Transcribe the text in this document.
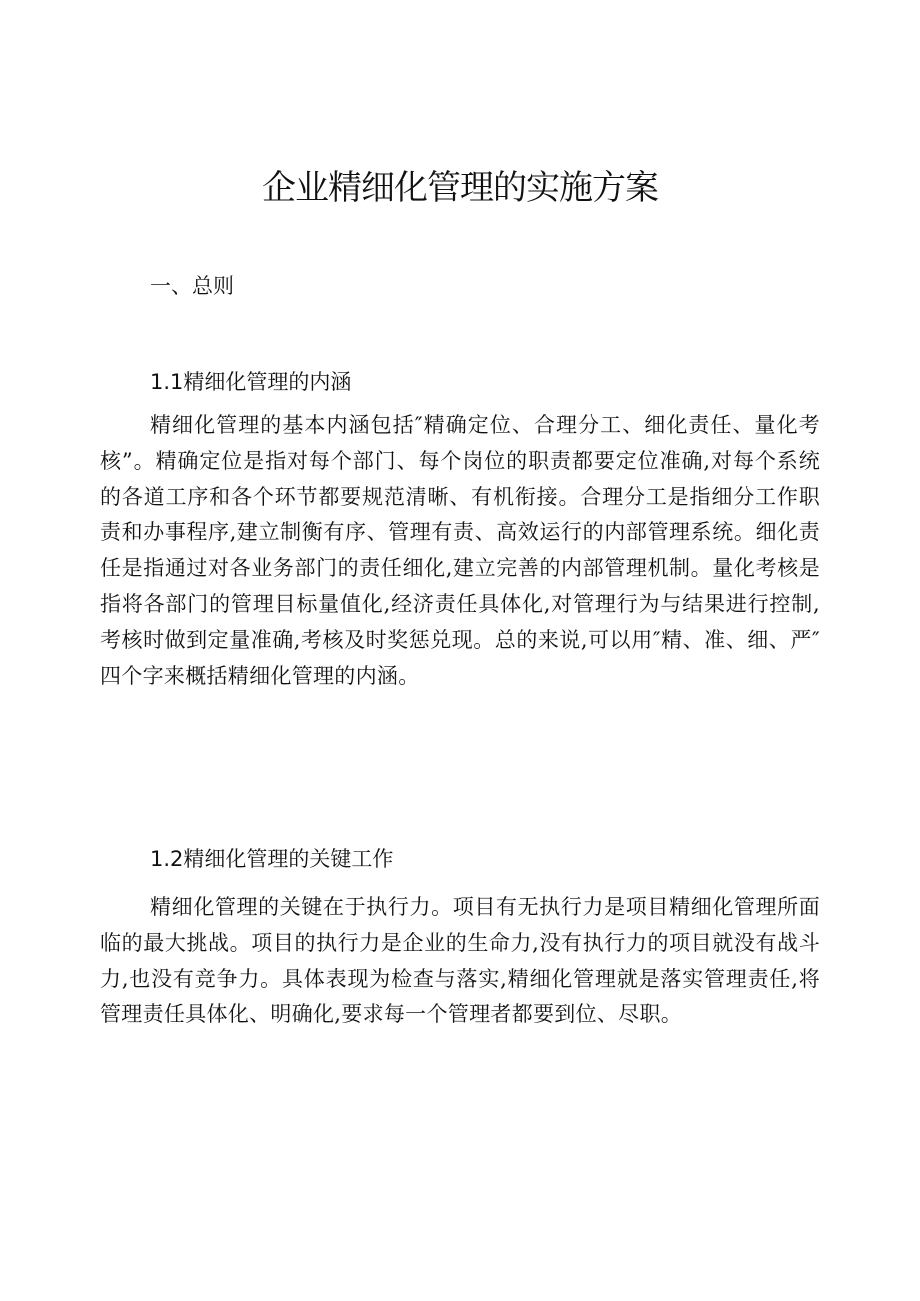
企业精细化管理的实施方案
一、总则
1.1精细化管理的内涵

精细化管理的基本内涵包括″精确定位、合理分工、细化责任、量化考核”。精确定位是指对每个部门、每个岗位的职责都要定位准确,对每个系统的各道工序和各个环节都要规范清晰、有机衔接。合理分工是指细分工作职责和办事程序,建立制衡有序、管理有责、高效运行的内部管理系统。细化责任是指通过对各业务部门的责任细化,建立完善的内部管理机制。量化考核是指将各部门的管理目标量值化,经济责任具体化,对管理行为与结果进行控制,考核时做到定量准确,考核及时奖惩兑现。总的来说,可以用″精、准、细、严″四个字来概括精细化管理的内涵。

1.2精细化管理的关键工作

精细化管理的关键在于执行力。项目有无执行力是项目精细化管理所面临的最大挑战。项目的执行力是企业的生命力,没有执行力的项目就没有战斗力,也没有竞争力。具体表现为检查与落实,精细化管理就是落实管理责任,将管理责任具体化、明确化,要求每一个管理者都要到位、尽职。
